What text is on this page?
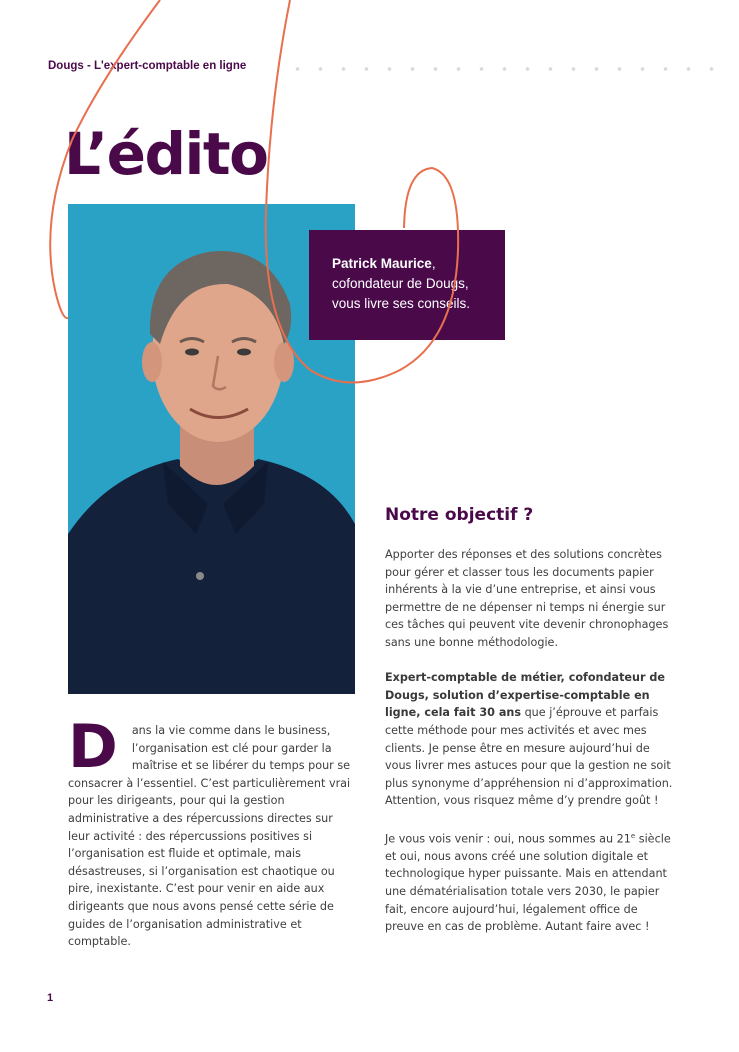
Dougs - L'expert-comptable en ligne
L’édito
Patrick Maurice,
cofondateur de Dougs,
vous livre ses conseils.
Notre objectif ?

Apporter des réponses et des solutions concrètes pour gérer et classer tous les documents papier inhérents à la vie d’une entreprise, et ainsi vous permettre de ne dépenser ni temps ni énergie sur ces tâches qui peuvent vite devenir chronophages sans une bonne méthodologie.

Expert-comptable de métier, cofondateur de Dougs, solution d’expertise-comptable en ligne, cela fait 30 ans que j’éprouve et parfais cette méthode pour mes activités et avec mes clients. Je pense être en mesure aujourd’hui de vous livrer mes astuces pour que la gestion ne soit plus synonyme d’appréhension ni d’approximation. Attention, vous risquez même d’y prendre goût !

Je vous vois venir : oui, nous sommes au 21e siècle et oui, nous avons créé une solution digitale et technologique hyper puissante. Mais en attendant une dématérialisation totale vers 2030, le papier fait, encore aujourd’hui, légalement office de preuve en cas de problème. Autant faire avec !

D	ans la vie comme dans le business, l’organisation est clé pour garder la maîtrise et se libérer du temps pour se consacrer à l’essentiel. C’est particulièrement vrai pour les dirigeants, pour qui la gestion administrative a des répercussions directes sur leur activité : des répercussions positives si l’organisation est fluide et optimale, mais désastreuses, si l’organisation est chaotique ou pire, inexistante. C’est pour venir en aide aux dirigeants que nous avons pensé cette série de guides de l’organisation administrative et comptable.

1
